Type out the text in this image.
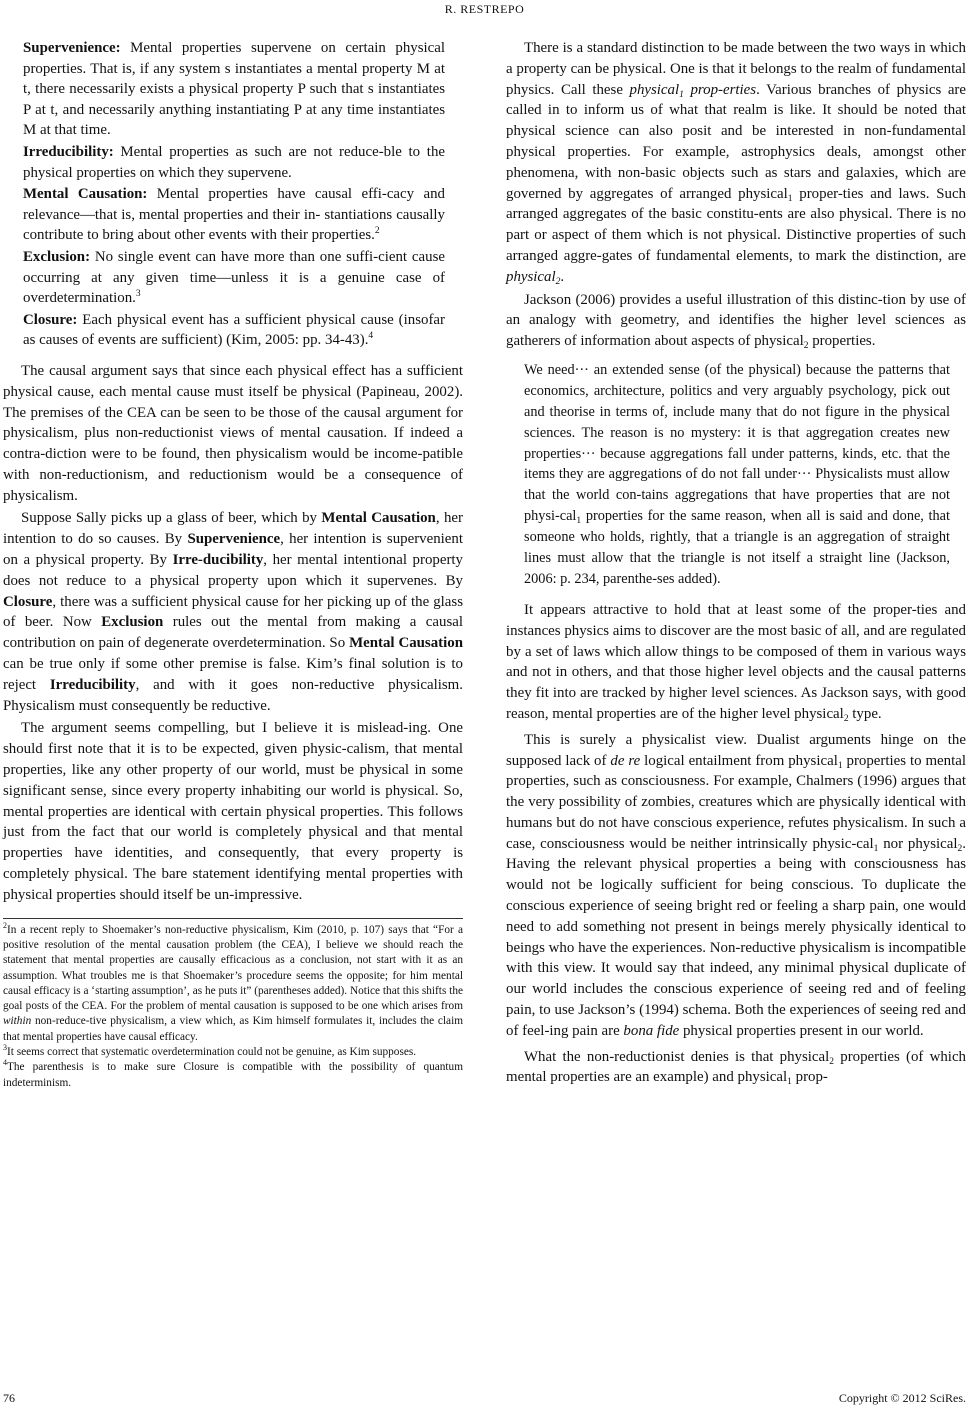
R. RESTREPO

Supervenience: Mental properties supervene on certain physical properties. That is, if any system s instantiates a mental property M at t, there necessarily exists a physical property P such that s instantiates P at t, and necessarily anything instantiating P at any time instantiates M at that time.

Irreducibility: Mental properties as such are not reduce-ble to the physical properties on which they supervene.

Mental Causation: Mental properties have causal effi-cacy and relevance—that is, mental properties and their in- stantiations causally contribute to bring about other events with their properties.$^2$

Exclusion: No single event can have more than one suffi-cient cause occurring at any given time—unless it is a genuine case of overdetermination.$^3$

Closure: Each physical event has a sufficient physical cause (insofar as causes of events are sufficient) (Kim, 2005: pp. 34-43).$^4$

The causal argument says that since each physical effect has a sufficient physical cause, each mental cause must itself be physical (Papineau, 2002). The premises of the CEA can be seen to be those of the causal argument for physicalism, plus non-reductionist views of mental causation. If indeed a contra-diction were to be found, then physicalism would be income-patible with non-reductionism, and reductionism would be a consequence of physicalism.

Suppose Sally picks up a glass of beer, which by Mental Causation, her intention to do so causes. By Supervenience, her intention is supervenient on a physical property. By Irre-ducibility, her mental intentional property does not reduce to a physical property upon which it supervenes. By Closure, there was a sufficient physical cause for her picking up of the glass of beer. Now Exclusion rules out the mental from making a causal contribution on pain of degenerate overdetermination. So Mental Causation can be true only if some other premise is false. Kim’s final solution is to reject Irreducibility, and with it goes non-reductive physicalism. Physicalism must consequently be reductive.

The argument seems compelling, but I believe it is mislead-ing. One should first note that it is to be expected, given physic-calism, that mental properties, like any other property of our world, must be physical in some significant sense, since every property inhabiting our world is physical. So, mental properties are identical with certain physical properties. This follows just from the fact that our world is completely physical and that mental properties have identities, and consequently, that every property is completely physical. The bare statement identifying mental properties with physical properties should itself be un-impressive.

$^2$In a recent reply to Shoemaker’s non-reductive physicalism, Kim (2010, p. 107) says that “For a positive resolution of the mental causation problem (the CEA), I believe we should reach the statement that mental properties are causally efficacious as a conclusion, not start with it as an assumption. What troubles me is that Shoemaker’s procedure seems the opposite; for him mental causal efficacy is a ‘starting assumption’, as he puts it” (parentheses added). Notice that this shifts the goal posts of the CEA. For the problem of mental causation is supposed to be one which arises from within non-reduce-tive physicalism, a view which, as Kim himself formulates it, includes the claim that mental properties have causal efficacy.

$^3$It seems correct that systematic overdetermination could not be genuine, as Kim supposes.

$^4$The parenthesis is to make sure Closure is compatible with the possibility of quantum indeterminism.

There is a standard distinction to be made between the two ways in which a property can be physical. One is that it belongs to the realm of fundamental physics. Call these physical$_1$ prop-erties. Various branches of physics are called in to inform us of what that realm is like. It should be noted that physical science can also posit and be interested in non-fundamental physical properties. For example, astrophysics deals, amongst other phenomena, with non-basic objects such as stars and galaxies, which are governed by aggregates of arranged physical$_1$ proper-ties and laws. Such arranged aggregates of the basic constitu-ents are also physical. There is no part or aspect of them which is not physical. Distinctive properties of such arranged aggre-gates of fundamental elements, to mark the distinction, are physical$_2$.

Jackson (2006) provides a useful illustration of this distinc-tion by use of an analogy with geometry, and identifies the higher level sciences as gatherers of information about aspects of physical$_2$ properties.

We need··· an extended sense (of the physical) because the patterns that economics, architecture, politics and very arguably psychology, pick out and theorise in terms of, include many that do not figure in the physical sciences. The reason is no mystery: it is that aggregation creates new properties··· because aggregations fall under patterns, kinds, etc. that the items they are aggregations of do not fall under··· Physicalists must allow that the world con-tains aggregations that have properties that are not physi-cal$_1$ properties for the same reason, when all is said and done, that someone who holds, rightly, that a triangle is an aggregation of straight lines must allow that the triangle is not itself a straight line (Jackson, 2006: p. 234, parenthe-ses added).

It appears attractive to hold that at least some of the proper-ties and instances physics aims to discover are the most basic of all, and are regulated by a set of laws which allow things to be composed of them in various ways and not in others, and that those higher level objects and the causal patterns they fit into are tracked by higher level sciences. As Jackson says, with good reason, mental properties are of the higher level physical$_2$ type.

This is surely a physicalist view. Dualist arguments hinge on the supposed lack of de re logical entailment from physical$_1$ properties to mental properties, such as consciousness. For example, Chalmers (1996) argues that the very possibility of zombies, creatures which are physically identical with humans but do not have conscious experience, refutes physicalism. In such a case, consciousness would be neither intrinsically physic-cal$_1$ nor physical$_2$. Having the relevant physical properties a being with consciousness has would not be logically sufficient for being conscious. To duplicate the conscious experience of seeing bright red or feeling a sharp pain, one would need to add something not present in beings merely physically identical to beings who have the experiences. Non-reductive physicalism is incompatible with this view. It would say that indeed, any minimal physical duplicate of our world includes the conscious experience of seeing red and of feeling pain, to use Jackson’s (1994) schema. Both the experiences of seeing red and of feel-ing pain are bona fide physical properties present in our world.

What the non-reductionist denies is that physical$_2$ properties (of which mental properties are an example) and physical$_1$ prop-

76	Copyright © 2012 SciRes.
